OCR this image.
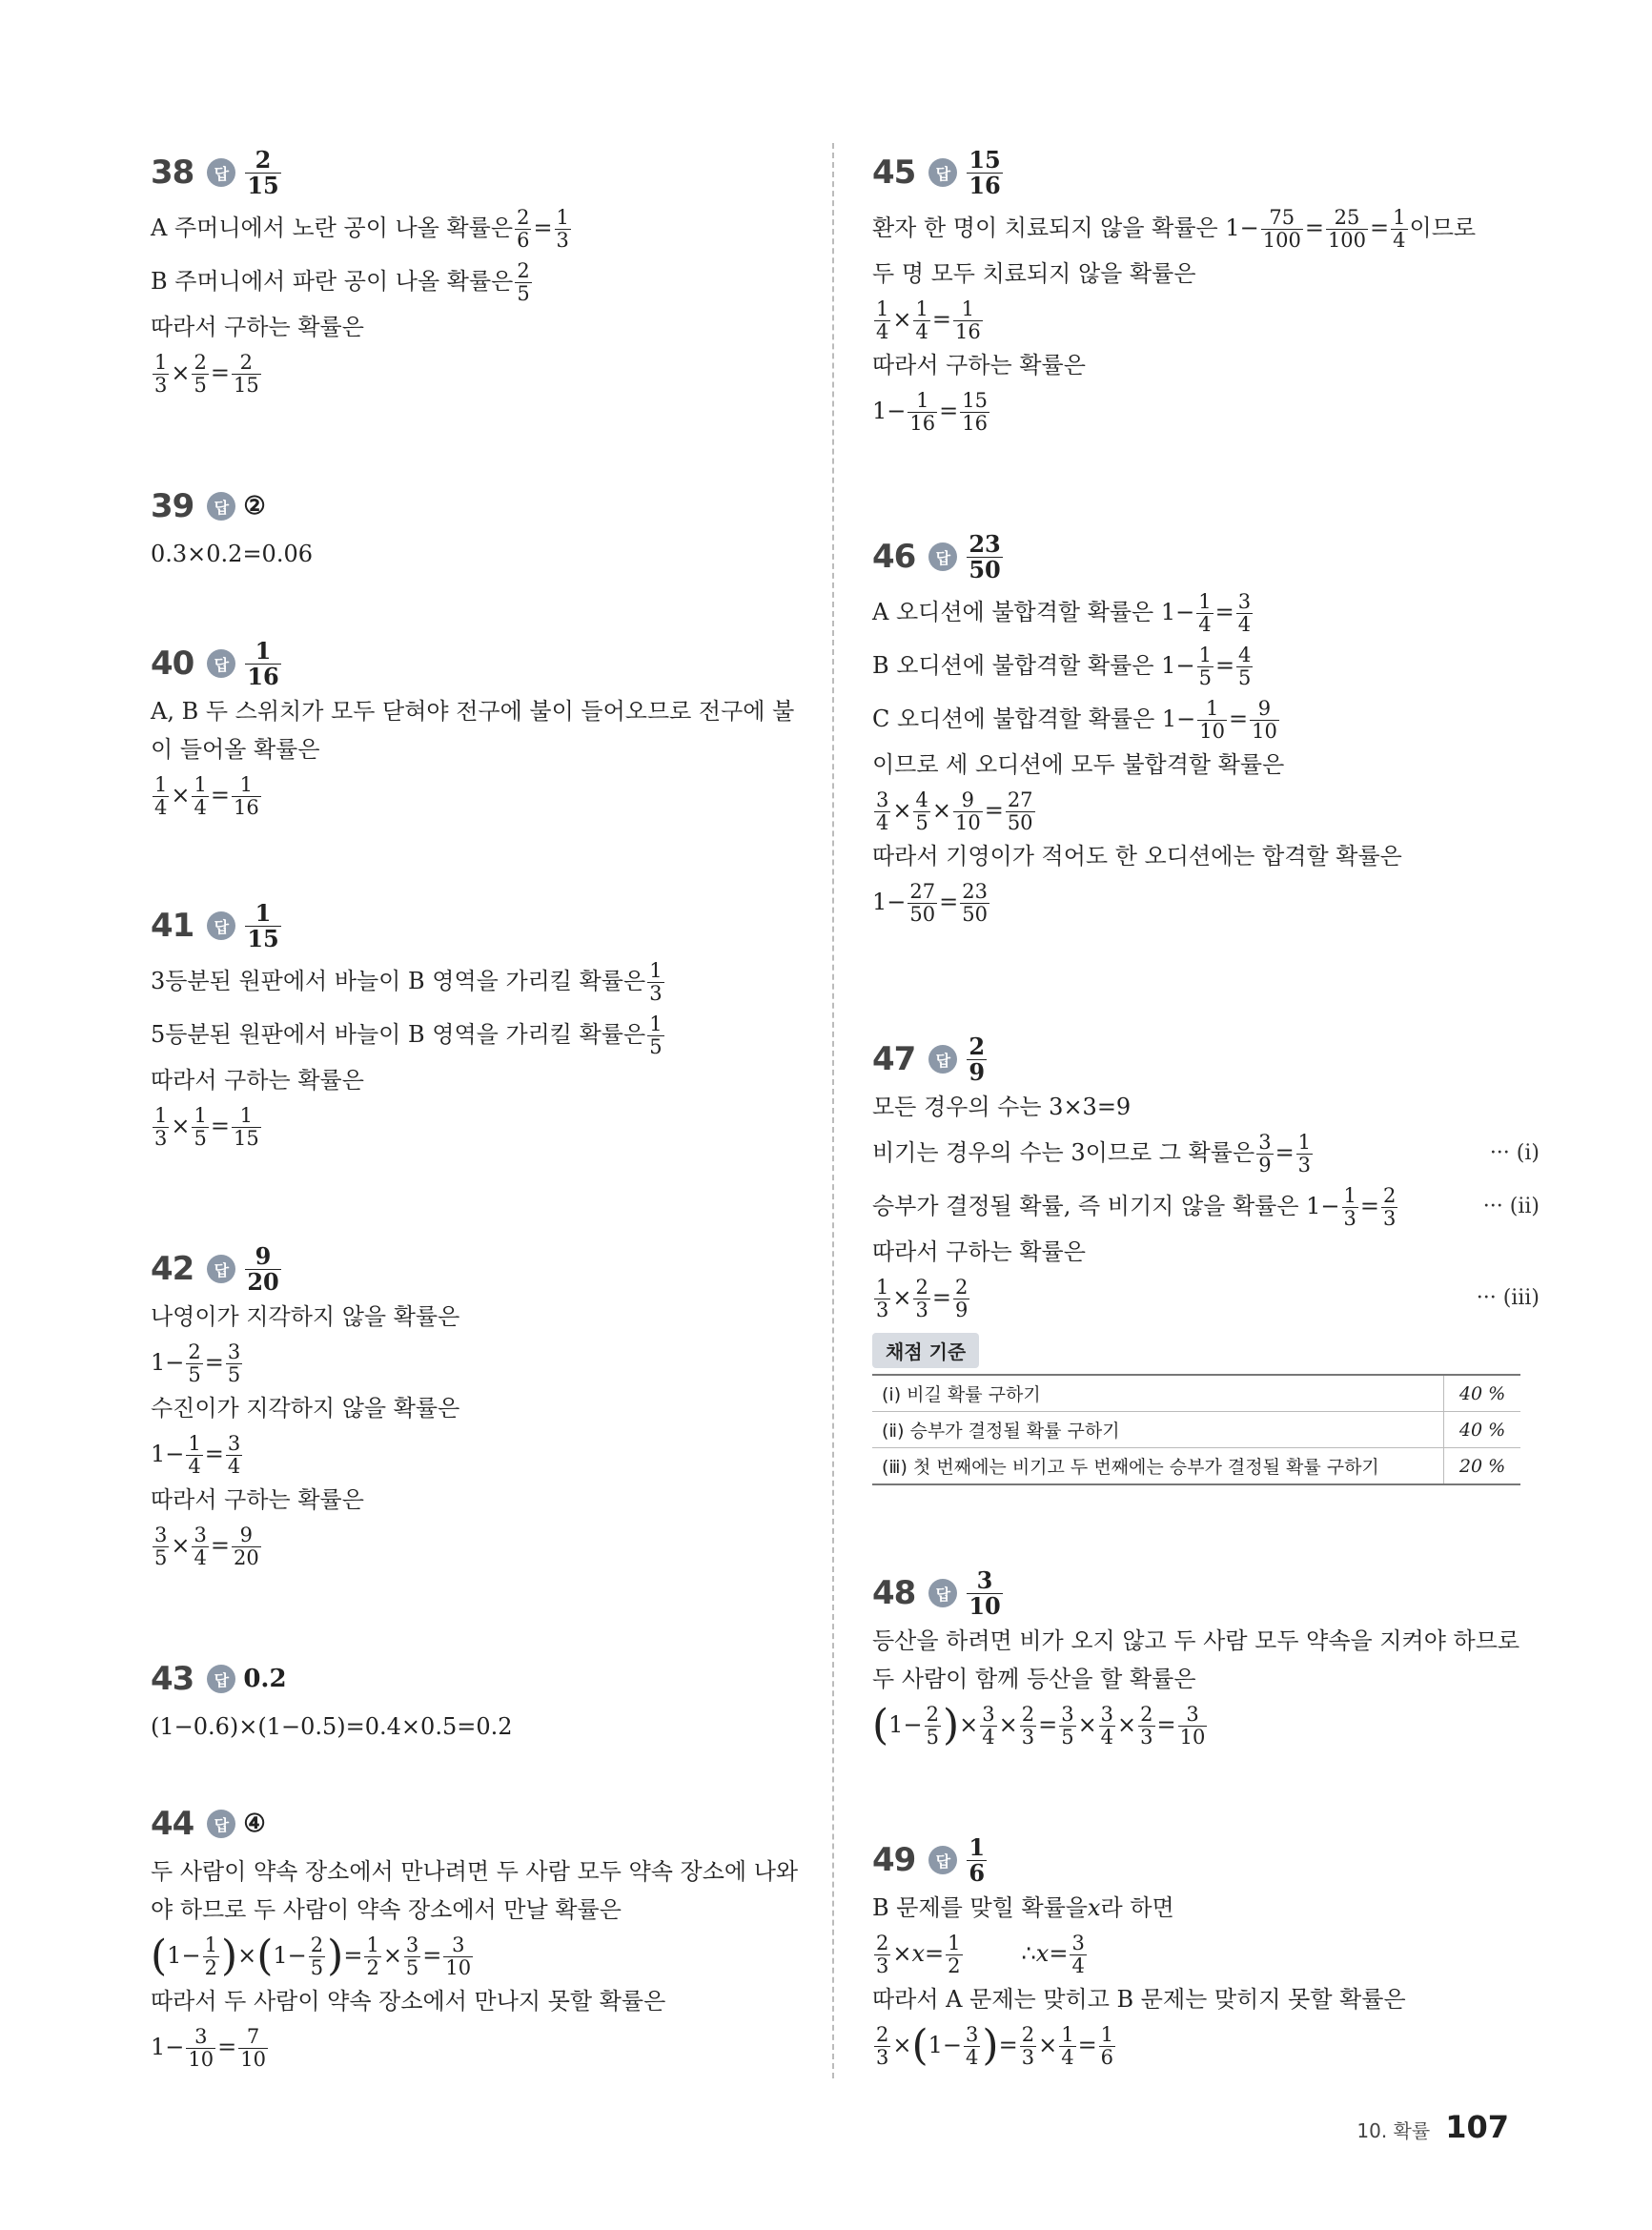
38	답 $\frac{2}{15}$
A 주머니에서 노란 공이 나올 확률은 $\frac{2}{6} = \frac{1}{3}$
B 주머니에서 파란 공이 나올 확률은 $\frac{2}{5}$
따라서 구하는 확률은
$\frac{1}{3} \times \frac{2}{5} = \frac{2}{15}$
39	답 ②
0.3×0.2=0.06
40	답 $\frac{1}{16}$
A, B 두 스위치가 모두 닫혀야 전구에 불이 들어오므로 전구에 불
이 들어올 확률은
$\frac{1}{4} \times \frac{1}{4} = \frac{1}{16}$
41	답 $\frac{1}{15}$
3등분된 원판에서 바늘이 B 영역을 가리킬 확률은 $\frac{1}{3}$
5등분된 원판에서 바늘이 B 영역을 가리킬 확률은 $\frac{1}{5}$
따라서 구하는 확률은
$\frac{1}{3} \times \frac{1}{5} = \frac{1}{15}$
42	답 $\frac{9}{20}$
나영이가 지각하지 않을 확률은
$1- \frac{2}{5} = \frac{3}{5}$
수진이가 지각하지 않을 확률은
$1- \frac{1}{4} = \frac{3}{4}$
따라서 구하는 확률은
$\frac{3}{5} \times \frac{3}{4} = \frac{9}{20}$
43	답 0.2
(1−0.6)×(1−0.5)=0.4×0.5=0.2
44	답 ④
두 사람이 약속 장소에서 만나려면 두 사람 모두 약속 장소에 나와
야 하므로 두 사람이 약속 장소에서 만날 확률은
( $1- \frac{1}{2}$ ) × ( $1- \frac{2}{5}$ ) = $\frac{1}{2} \times \frac{3}{5} = \frac{3}{10}$
따라서 두 사람이 약속 장소에서 만나지 못할 확률은
$1- \frac{3}{10} = \frac{7}{10}$
45	답 $\frac{15}{16}$
환자 한 명이 치료되지 않을 확률은 $1- \frac{75}{100} = \frac{25}{100} = \frac{1}{4}$ 이므로
두 명 모두 치료되지 않을 확률은
$\frac{1}{4} \times \frac{1}{4} = \frac{1}{16}$
따라서 구하는 확률은
$1- \frac{1}{16} = \frac{15}{16}$
46	답 $\frac{23}{50}$
A 오디션에 불합격할 확률은 $1- \frac{1}{4} = \frac{3}{4}$
B 오디션에 불합격할 확률은 $1- \frac{1}{5} = \frac{4}{5}$
C 오디션에 불합격할 확률은 $1- \frac{1}{10} = \frac{9}{10}$
이므로 세 오디션에 모두 불합격할 확률은
$\frac{3}{4} \times \frac{4}{5} \times \frac{9}{10} = \frac{27}{50}$
따라서 기영이가 적어도 한 오디션에는 합격할 확률은
$1- \frac{27}{50} = \frac{23}{50}$
47	답 $\frac{2}{9}$
모든 경우의 수는 3×3=9
비기는 경우의 수는 3이므로 그 확률은 $\frac{3}{9} = \frac{1}{3}$	··· (ⅰ)
승부가 결정될 확률, 즉 비기지 않을 확률은 $1- \frac{1}{3} = \frac{2}{3}$	··· (ⅱ)
따라서 구하는 확률은
$\frac{1}{3} \times \frac{2}{3} = \frac{2}{9}$	··· (ⅲ)
채점 기준
(ⅰ) 비길 확률 구하기	40 %
(ⅱ) 승부가 결정될 확률 구하기	40 %
(ⅲ) 첫 번째에는 비기고 두 번째에는 승부가 결정될 확률 구하기	20 %
48	답 $\frac{3}{10}$
등산을 하려면 비가 오지 않고 두 사람 모두 약속을 지켜야 하므로
두 사람이 함께 등산을 할 확률은
( $1- \frac{2}{5}$ ) × $\frac{3}{4} \times \frac{2}{3} = \frac{3}{5} \times \frac{3}{4} \times \frac{2}{3} = \frac{3}{10}$
49	답 $\frac{1}{6}$
B 문제를 맞힐 확률을 x 라 하면
$\frac{2}{3} \times x = \frac{1}{2}$	∴ $x = \frac{3}{4}$
따라서 A 문제는 맞히고 B 문제는 맞히지 못할 확률은
$\frac{2}{3}$ × ( $1- \frac{3}{4}$ ) = $\frac{2}{3} \times \frac{1}{4} = \frac{1}{6}$
10. 확률 107
